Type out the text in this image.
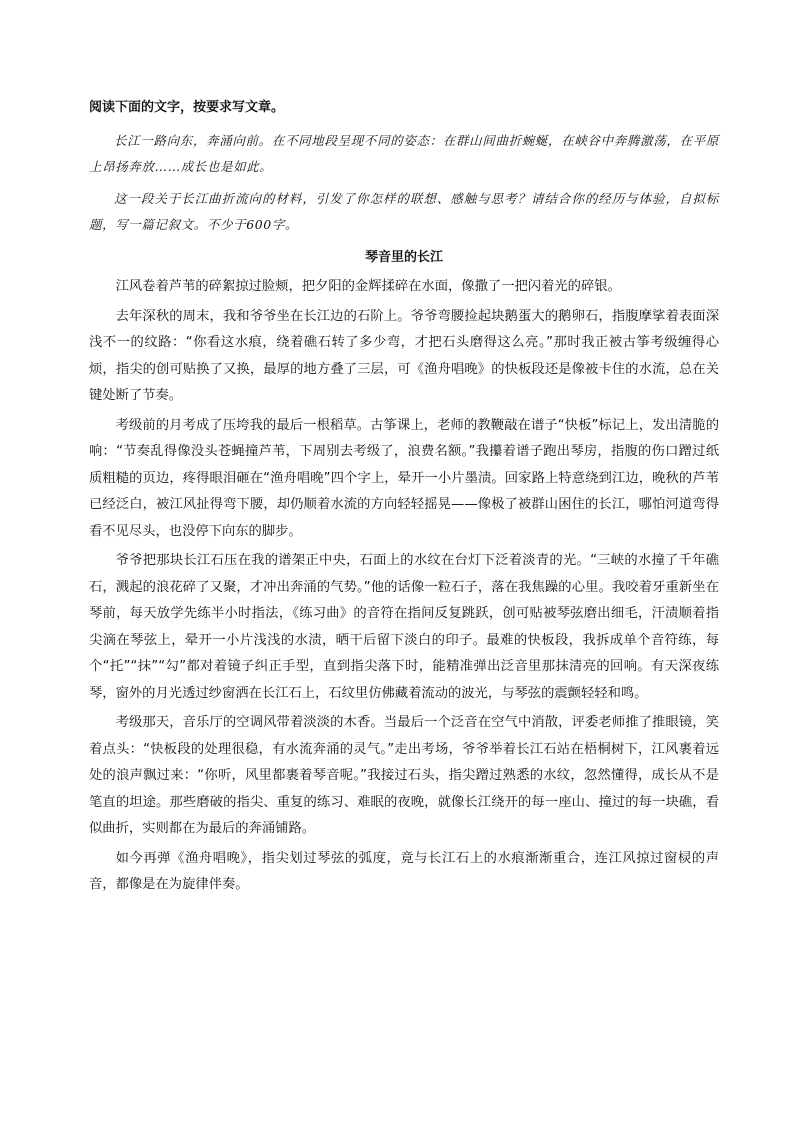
阅读下面的文字，按要求写文章。

长江一路向东，奔涌向前。在不同地段呈现不同的姿态：在群山间曲折蜿蜒，在峡谷中奔腾激荡，在平原上昂扬奔放……成长也是如此。

这一段关于长江曲折流向的材料，引发了你怎样的联想、感触与思考？请结合你的经历与体验，自拟标题，写一篇记叙文。不少于600字。

琴音里的长江

江风卷着芦苇的碎絮掠过脸颊，把夕阳的金辉揉碎在水面，像撒了一把闪着光的碎银。

去年深秋的周末，我和爷爷坐在长江边的石阶上。爷爷弯腰捡起块鹅蛋大的鹅卵石，指腹摩挲着表面深浅不一的纹路：“你看这水痕，绕着礁石转了多少弯，才把石头磨得这么亮。”那时我正被古筝考级缠得心烦，指尖的创可贴换了又换，最厚的地方叠了三层，可《渔舟唱晚》的快板段还是像被卡住的水流，总在关键处断了节奏。

考级前的月考成了压垮我的最后一根稻草。古筝课上，老师的教鞭敲在谱子“快板”标记上，发出清脆的响：“节奏乱得像没头苍蝇撞芦苇，下周别去考级了，浪费名额。”我攥着谱子跑出琴房，指腹的伤口蹭过纸质粗糙的页边，疼得眼泪砸在“渔舟唱晚”四个字上，晕开一小片墨渍。回家路上特意绕到江边，晚秋的芦苇已经泛白，被江风扯得弯下腰，却仍顺着水流的方向轻轻摇晃——像极了被群山困住的长江，哪怕河道弯得看不见尽头，也没停下向东的脚步。

爷爷把那块长江石压在我的谱架正中央，石面上的水纹在台灯下泛着淡青的光。“三峡的水撞了千年礁石，溅起的浪花碎了又聚，才冲出奔涌的气势。”他的话像一粒石子，落在我焦躁的心里。我咬着牙重新坐在琴前，每天放学先练半小时指法，《练习曲》的音符在指间反复跳跃，创可贴被琴弦磨出细毛，汗渍顺着指尖滴在琴弦上，晕开一小片浅浅的水渍，晒干后留下淡白的印子。最难的快板段，我拆成单个音符练，每个“托”“抹”“勾”都对着镜子纠正手型，直到指尖落下时，能精准弹出泛音里那抹清亮的回响。有天深夜练琴，窗外的月光透过纱窗洒在长江石上，石纹里仿佛藏着流动的波光，与琴弦的震颤轻轻和鸣。

考级那天，音乐厅的空调风带着淡淡的木香。当最后一个泛音在空气中消散，评委老师推了推眼镜，笑着点头：“快板段的处理很稳，有水流奔涌的灵气。”走出考场，爷爷举着长江石站在梧桐树下，江风裹着远处的浪声飘过来：“你听，风里都裹着琴音呢。”我接过石头，指尖蹭过熟悉的水纹，忽然懂得，成长从不是笔直的坦途。那些磨破的指尖、重复的练习、难眠的夜晚，就像长江绕开的每一座山、撞过的每一块礁，看似曲折，实则都在为最后的奔涌铺路。

如今再弹《渔舟唱晚》，指尖划过琴弦的弧度，竟与长江石上的水痕渐渐重合，连江风掠过窗棂的声音，都像是在为旋律伴奏。
